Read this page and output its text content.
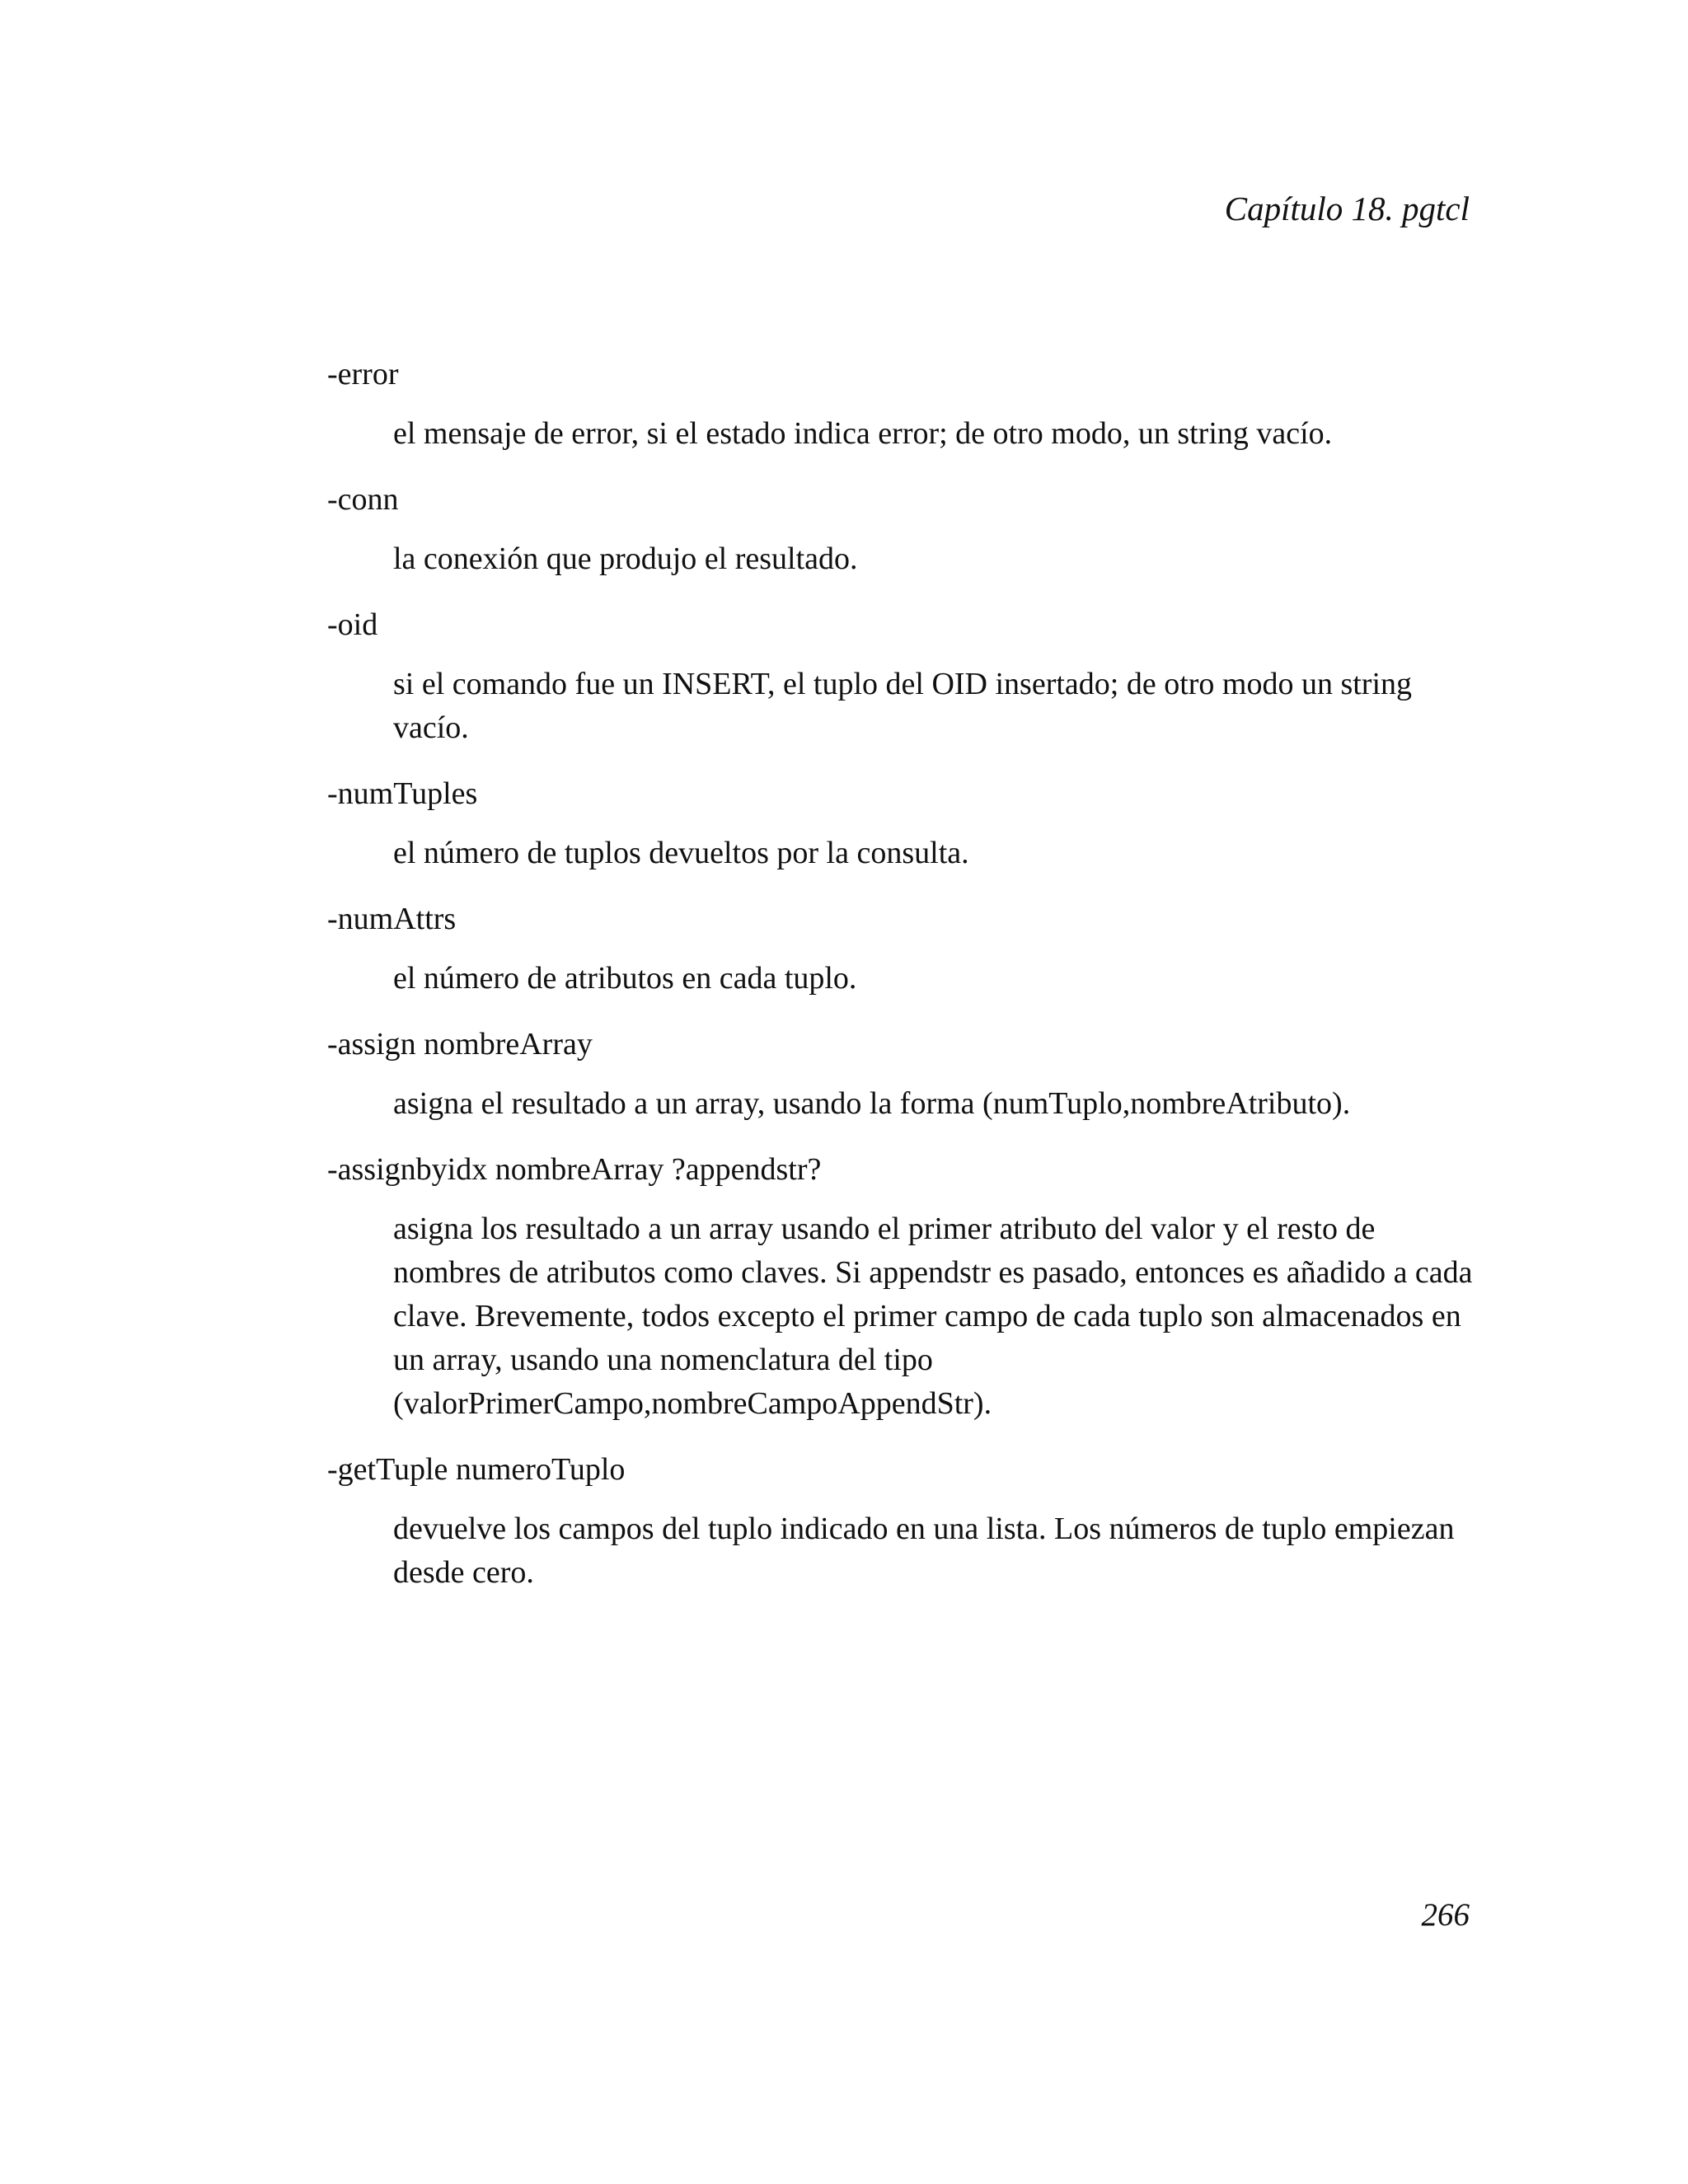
Capítulo 18. pgtcl
-error
el mensaje de error, si el estado indica error; de otro modo, un string vacío.
-conn
la conexión que produjo el resultado.
-oid
si el comando fue un INSERT, el tuplo del OID insertado; de otro modo un string vacío.
-numTuples
el número de tuplos devueltos por la consulta.
-numAttrs
el número de atributos en cada tuplo.
-assign nombreArray
asigna el resultado a un array, usando la forma (numTuplo,nombreAtributo).
-assignbyidx nombreArray ?appendstr?
asigna los resultado a un array usando el primer atributo del valor y el resto de nombres de atributos como claves. Si appendstr es pasado, entonces es añadido a cada clave. Brevemente, todos excepto el primer campo de cada tuplo son almacenados en un array, usando una nomenclatura del tipo (valorPrimerCampo,nombreCampoAppendStr).
-getTuple numeroTuplo
devuelve los campos del tuplo indicado en una lista. Los números de tuplo empiezan desde cero.
266
